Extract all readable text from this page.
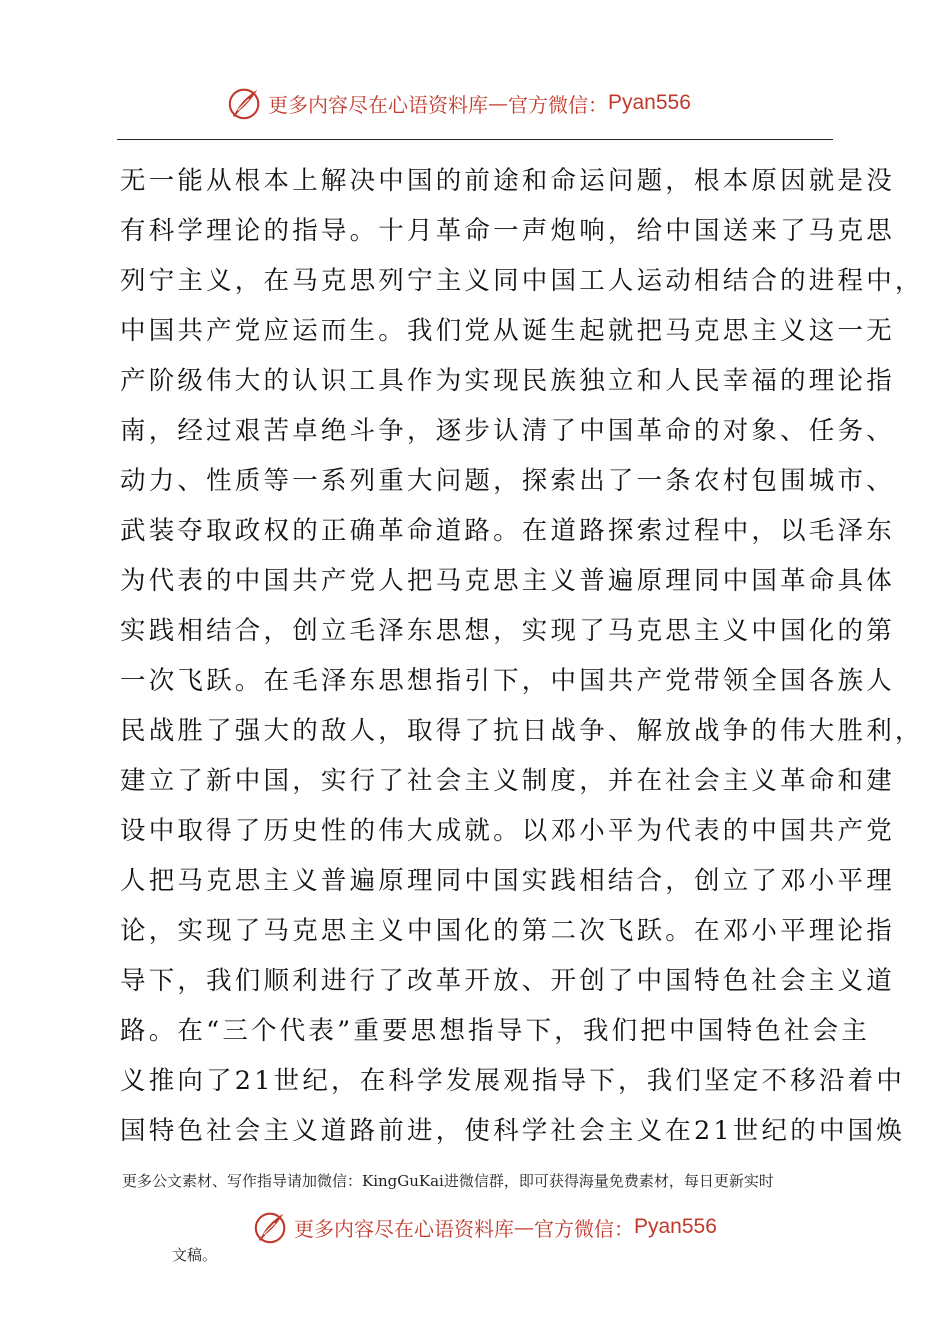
更多内容尽在心语资料库 — 官方微信： Pyan556
无一能从根本上解决中国的前途和命运问题，根本原因就是没
有科学理论的指导。十月革命一声炮响，给中国送来了马克思
列宁主义，在马克思列宁主义同中国工人运动相结合的进程中，
中国共产党应运而生。我们党从诞生起就把马克思主义这一无
产阶级伟大的认识工具作为实现民族独立和人民幸福的理论指
南，经过艰苦卓绝斗争，逐步认清了中国革命的对象、任务、
动力、性质等一系列重大问题，探索出了一条农村包围城市、
武装夺取政权的正确革命道路。在道路探索过程中，以毛泽东
为代表的中国共产党人把马克思主义普遍原理同中国革命具体
实践相结合，创立毛泽东思想，实现了马克思主义中国化的第
一次飞跃。在毛泽东思想指引下，中国共产党带领全国各族人
民战胜了强大的敌人，取得了抗日战争、解放战争的伟大胜利，
建立了新中国，实行了社会主义制度，并在社会主义革命和建
设中取得了历史性的伟大成就。以邓小平为代表的中国共产党
人把马克思主义普遍原理同中国实践相结合，创立了邓小平理
论，实现了马克思主义中国化的第二次飞跃。在邓小平理论指
导下，我们顺利进行了改革开放、开创了中国特色社会主义道
路。在“三个代表”重要思想指导下，我们把中国特色社会主
义推向了21世纪，在科学发展观指导下，我们坚定不移沿着中
国特色社会主义道路前进，使科学社会主义在21世纪的中国焕
更多公文素材、写作指导请加微信：KingGuKai进微信群，即可获得海量免费素材，每日更新实时
更多内容尽在心语资料库 — 官方微信： Pyan556
文稿。
